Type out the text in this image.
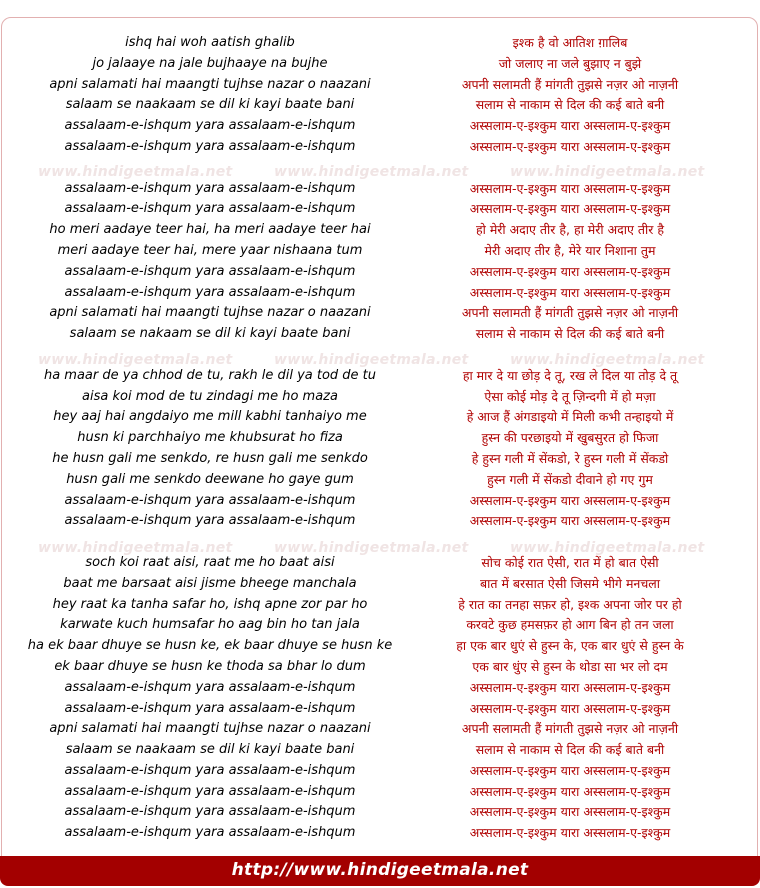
www.hindigeetmala.net	www.hindigeetmala.net	www.hindigeetmala.net
www.hindigeetmala.net	www.hindigeetmala.net	www.hindigeetmala.net
www.hindigeetmala.net	www.hindigeetmala.net	www.hindigeetmala.net
ishq hai woh aatish ghalib
jo jalaaye na jale bujhaaye na bujhe
apni salamati hai maangti tujhse nazar o naazani
salaam se naakaam se dil ki kayi baate bani
assalaam-e-ishqum yara assalaam-e-ishqum
assalaam-e-ishqum yara assalaam-e-ishqum
assalaam-e-ishqum yara assalaam-e-ishqum
assalaam-e-ishqum yara assalaam-e-ishqum
ho meri aadaye teer hai, ha meri aadaye teer hai
meri aadaye teer hai, mere yaar nishaana tum
assalaam-e-ishqum yara assalaam-e-ishqum
assalaam-e-ishqum yara assalaam-e-ishqum
apni salamati hai maangti tujhse nazar o naazani
salaam se nakaam se dil ki kayi baate bani
ha maar de ya chhod de tu, rakh le dil ya tod de tu
aisa koi mod de tu zindagi me ho maza
hey aaj hai angdaiyo me mill kabhi tanhaiyo me
husn ki parchhaiyo me khubsurat ho fiza
he husn gali me senkdo, re husn gali me senkdo
husn gali me senkdo deewane ho gaye gum
assalaam-e-ishqum yara assalaam-e-ishqum
assalaam-e-ishqum yara assalaam-e-ishqum
soch koi raat aisi, raat me ho baat aisi
baat me barsaat aisi jisme bheege manchala
hey raat ka tanha safar ho, ishq apne zor par ho
karwate kuch humsafar ho aag bin ho tan jala
ha ek baar dhuye se husn ke, ek baar dhuye se husn ke
ek baar dhuye se husn ke thoda sa bhar lo dum
assalaam-e-ishqum yara assalaam-e-ishqum
assalaam-e-ishqum yara assalaam-e-ishqum
apni salamati hai maangti tujhse nazar o naazani
salaam se naakaam se dil ki kayi baate bani
assalaam-e-ishqum yara assalaam-e-ishqum
assalaam-e-ishqum yara assalaam-e-ishqum
assalaam-e-ishqum yara assalaam-e-ishqum
assalaam-e-ishqum yara assalaam-e-ishqum
इश्क है वो आतिश ग़ालिब
जो जलाए ना जले बुझाए न बुझे
अपनी सलामती हैं मांगती तुझसे नज़र ओ नाज़नी
सलाम से नाकाम से दिल की कई बाते बनी
अस्सलाम-ए-इश्कुम यारा अस्सलाम-ए-इश्कुम
अस्सलाम-ए-इश्कुम यारा अस्सलाम-ए-इश्कुम
अस्सलाम-ए-इश्कुम यारा अस्सलाम-ए-इश्कुम
अस्सलाम-ए-इश्कुम यारा अस्सलाम-ए-इश्कुम
हो मेरी अदाए तीर है, हा मेरी अदाए तीर है
मेरी अदाए तीर है, मेरे यार निशाना तुम
अस्सलाम-ए-इश्कुम यारा अस्सलाम-ए-इश्कुम
अस्सलाम-ए-इश्कुम यारा अस्सलाम-ए-इश्कुम
अपनी सलामती हैं मांगती तुझसे नज़र ओ नाज़नी
सलाम से नाकाम से दिल की कई बाते बनी
हा मार दे या छोड़ दे तू, रख ले दिल या तोड़ दे तू
ऐसा कोई मोड़ दे तू ज़िन्दगी में हो मज़ा
हे आज हैं अंगडाइयो में मिली कभी तन्हाइयो में
हुस्न की परछाइयो में खुबसुरत हो फिजा
हे हुस्न गली में सेंकडो, रे हुस्न गली में सेंकडो
हुस्न गली में सेंकडो दीवाने हो गए गुम
अस्सलाम-ए-इश्कुम यारा अस्सलाम-ए-इश्कुम
अस्सलाम-ए-इश्कुम यारा अस्सलाम-ए-इश्कुम
सोच कोई रात ऐसी, रात में हो बात ऐसी
बात में बरसात ऐसी जिसमे भीगे मनचला
हे रात का तनहा सफ़र हो, इश्क अपना जोर पर हो
करवटे कुछ हमसफ़र हो आग बिन हो तन जला
हा एक बार धुएं से हुस्न के, एक बार धुएं से हुस्न के
एक बार धुंए से हुस्न के थोडा सा भर लो दम
अस्सलाम-ए-इश्कुम यारा अस्सलाम-ए-इश्कुम
अस्सलाम-ए-इश्कुम यारा अस्सलाम-ए-इश्कुम
अपनी सलामती हैं मांगती तुझसे नज़र ओ नाज़नी
सलाम से नाकाम से दिल की कई बाते बनी
अस्सलाम-ए-इश्कुम यारा अस्सलाम-ए-इश्कुम
अस्सलाम-ए-इश्कुम यारा अस्सलाम-ए-इश्कुम
अस्सलाम-ए-इश्कुम यारा अस्सलाम-ए-इश्कुम
अस्सलाम-ए-इश्कुम यारा अस्सलाम-ए-इश्कुम
http://www.hindigeetmala.net
